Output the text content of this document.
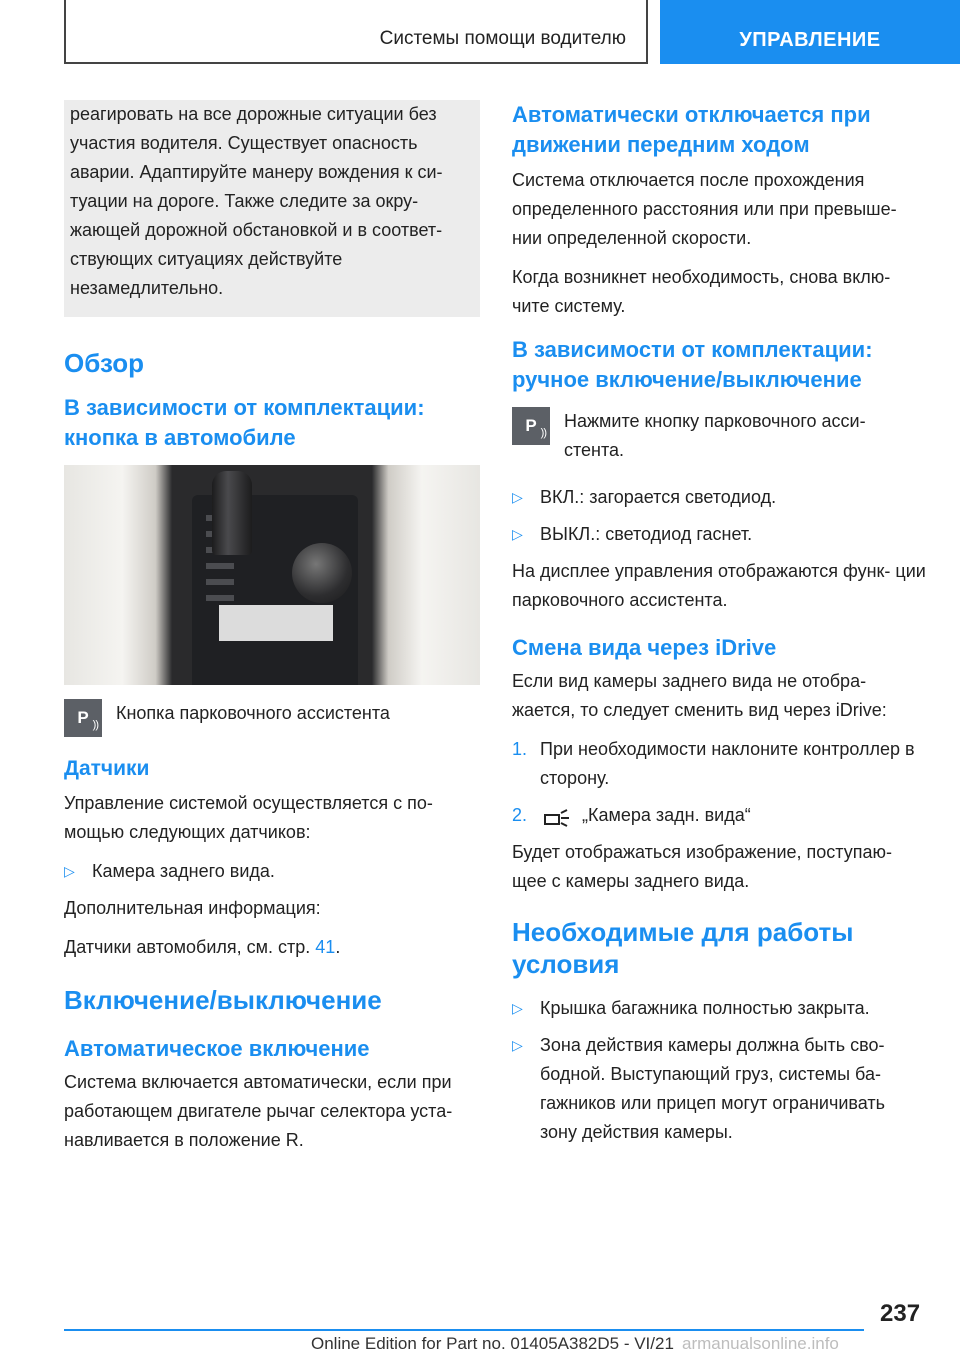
Системы помощи водителю	УПРАВЛЕНИЕ

реагировать на все дорожные ситуации без

участия водителя. Существует опасность

аварии. Адаптируйте манеру вождения к си-

туации на дороге. Также следите за окру-

жающей дорожной обстановкой и в соответ-

ствующих ситуациях действуйте

незамедлительно.

Обзор
В зависимости от комплектации: кнопка в автомобиле
P ))

Кнопка парковочного ассистента

Датчики

Управление системой осуществляется с по- мощью следующих датчиков:

▷ Камера заднего вида.

Дополнительная информация:

Датчики автомобиля, см. стр. 41.

Включение/выключение
Автоматическое включение

Система включается автоматически, если при работающем двигателе рычаг селектора уста- навливается в положение R.

Автоматически отключается при движении передним ходом

Система отключается после прохождения определенного расстояния или при превыше- нии определенной скорости.

Когда возникнет необходимость, снова вклю- чите систему.

В зависимости от комплектации: ручное включение/выключение
P ))

Нажмите кнопку парковочного асси- стента.

▷ ВКЛ.: загорается светодиод.
▷ ВЫКЛ.: светодиод гаснет.

На дисплее управления отображаются функ- ции парковочного ассистента.

Смена вида через iDrive

Если вид камеры заднего вида не отобра- жается, то следует сменить вид через iDrive:

1. При необходимости наклоните контроллер в сторону.
2.	„Камера задн. вида“

Будет отображаться изображение, поступаю- щее с камеры заднего вида.

Необходимые для работы условия
▷ Крышка багажника полностью закрыта.
▷ Зона действия камеры должна быть сво- бодной. Выступающий груз, системы ба- гажников или прицеп могут ограничивать зону действия камеры.
237
Online Edition for Part no. 01405A382D5 - VI/21 armanualsonline.info
